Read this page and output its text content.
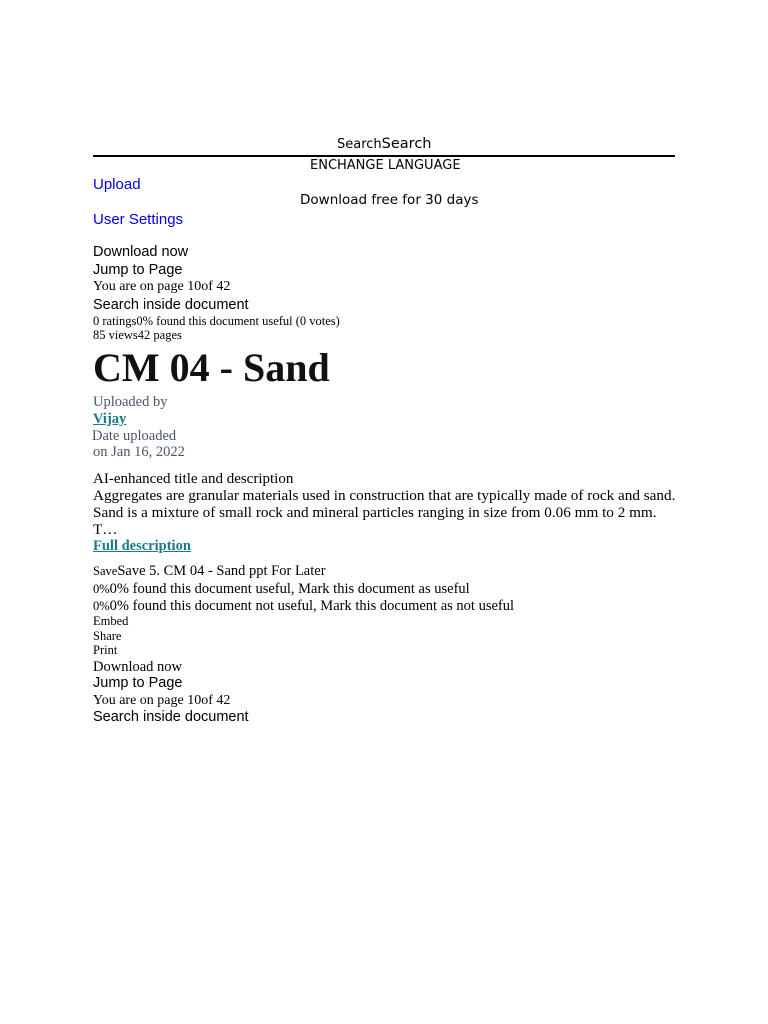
SearchSearch
ENCHANGE LANGUAGE
Upload
Download free for 30 days
User Settings
Download now
Jump to Page
You are on page 10of 42
Search inside document
0 ratings0% found this document useful (0 votes)
85 views42 pages
CM 04 - Sand
Uploaded by
Vijay
Date uploaded
on Jan 16, 2022
AI-enhanced title and description
Aggregates are granular materials used in construction that are typically made of rock and sand. Sand is a mixture of small rock and mineral particles ranging in size from 0.06 mm to 2 mm. T…
Full description
SaveSave 5. CM 04 - Sand ppt For Later
0%0% found this document useful, Mark this document as useful
0%0% found this document not useful, Mark this document as not useful
Embed
Share
Print
Download now
Jump to Page
You are on page 10of 42
Search inside document
